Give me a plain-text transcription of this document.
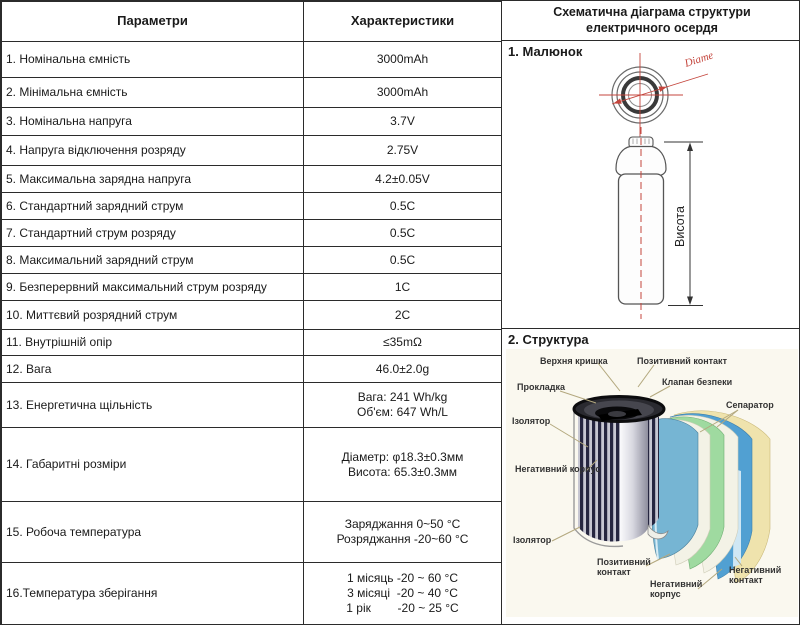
Параметри	Характеристики
1. Номінальна ємність	3000mAh

2. Мінімальна ємність	3000mAh

3. Номінальна напруга	3.7V

4. Напруга відключення розряду	2.75V

5. Максимальна зарядна напруга	4.2±0.05V

6. Стандартний зарядний струм	0.5C

7. Стандартний струм розряду	0.5C

8. Максимальний зарядний струм	0.5C

9. Безперервний максимальний струм розряду	1C

10. Миттєвий розрядний струм	2C

11. Внутрішній опір	≤35mΩ

12. Вага	46.0±2.0g

13. Енергетична щільність	Вага: 241 Wh/kg
Об'єм: 647 Wh/L

14. Габаритні розміри	Діаметр: φ18.3±0.3мм
Висота: 65.3±0.3мм

15. Робоча температура	Заряджання 0~50 °C
Розряджання -20~60 °C

16.Температура зберігання	1 місяць -20 ~ 60 °C
3 місяці  -20 ~ 40 °C
1 рік        -20 ~ 25 °C
Схематична діаграма структури
електричного осердя
1. Малюнок	Diame
Висота
2. Структура
Верхня кришка	Позитивний контакт
Клапан безпеки
Прокладка
Сепаратор
Ізолятор
Негативний корпус
Ізолятор
Позитивний контакт
Негативний корпус
Негативний контакт
